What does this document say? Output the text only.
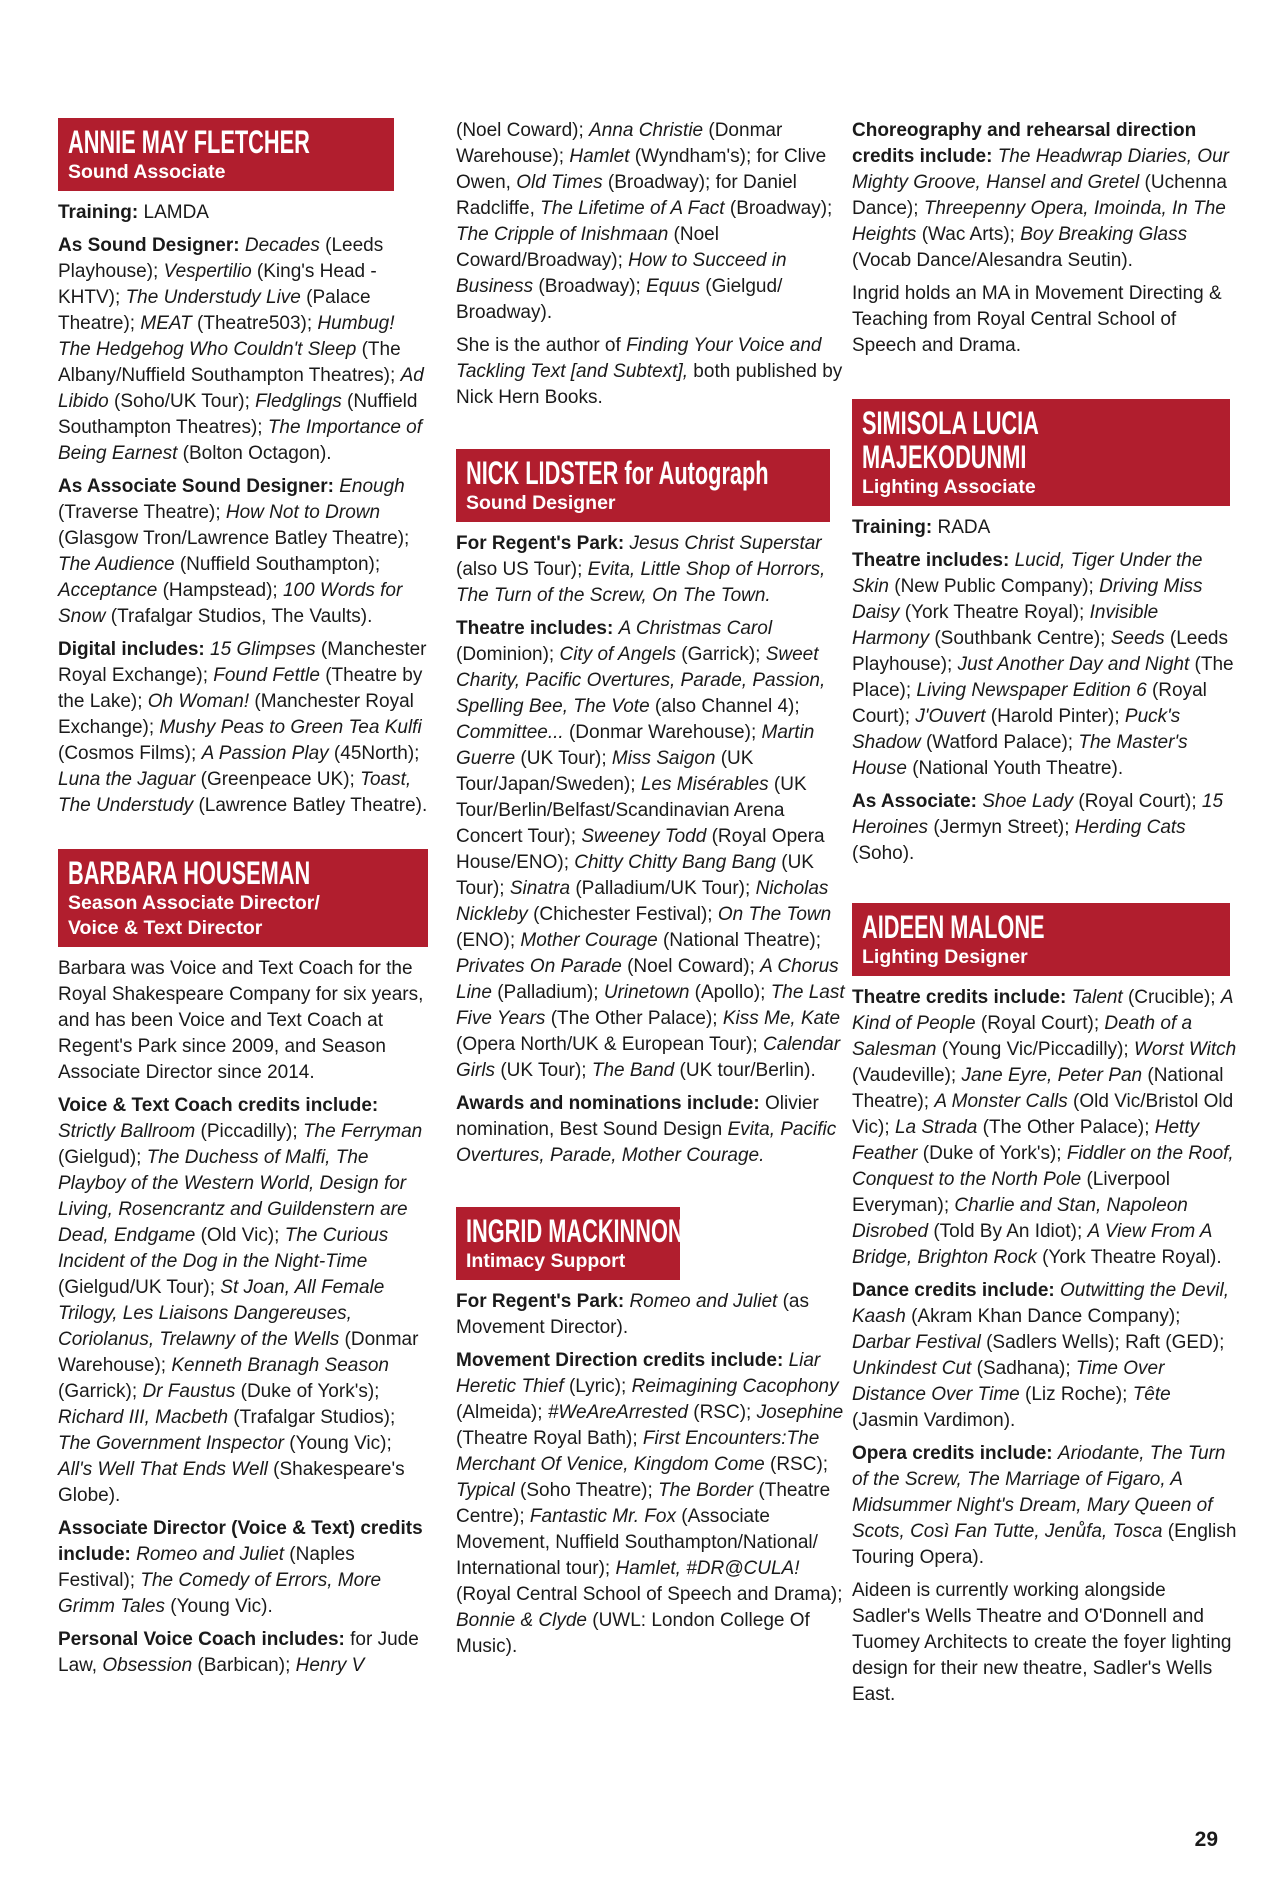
ANNIE MAY FLETCHER
Sound Associate

Training: LAMDA

As Sound Designer: Decades (Leeds Playhouse); Vespertilio (King's Head - KHTV); The Understudy Live (Palace Theatre); MEAT (Theatre503); Humbug! The Hedgehog Who Couldn't Sleep (The Albany/Nuffield Southampton Theatres); Ad Libido (Soho/UK Tour); Fledglings (Nuffield Southampton Theatres); The Importance of Being Earnest (Bolton Octagon).

As Associate Sound Designer: Enough (Traverse Theatre); How Not to Drown (Glasgow Tron/Lawrence Batley Theatre); The Audience (Nuffield Southampton); Acceptance (Hampstead); 100 Words for Snow (Trafalgar Studios, The Vaults).

Digital includes: 15 Glimpses (Manchester Royal Exchange); Found Fettle (Theatre by the Lake); Oh Woman! (Manchester Royal Exchange); Mushy Peas to Green Tea Kulfi (Cosmos Films); A Passion Play (45North); Luna the Jaguar (Greenpeace UK); Toast, The Understudy (Lawrence Batley Theatre).

BARBARA HOUSEMAN
Season Associate Director/
Voice & Text Director

Barbara was Voice and Text Coach for the Royal Shakespeare Company for six years, and has been Voice and Text Coach at Regent's Park since 2009, and Season Associate Director since 2014.

Voice & Text Coach credits include: Strictly Ballroom (Piccadilly); The Ferryman (Gielgud); The Duchess of Malfi, The Playboy of the Western World, Design for Living, Rosencrantz and Guildenstern are Dead, Endgame (Old Vic); The Curious Incident of the Dog in the Night-Time (Gielgud/UK Tour); St Joan, All Female Trilogy, Les Liaisons Dangereuses, Coriolanus, Trelawny of the Wells (Donmar Warehouse); Kenneth Branagh Season (Garrick); Dr Faustus (Duke of York's); Richard III, Macbeth (Trafalgar Studios); The Government Inspector (Young Vic); All's Well That Ends Well (Shakespeare's Globe).

Associate Director (Voice & Text) credits include: Romeo and Juliet (Naples Festival); The Comedy of Errors, More Grimm Tales (Young Vic).

Personal Voice Coach includes: for Jude Law, Obsession (Barbican); Henry V

(Noel Coward); Anna Christie (Donmar Warehouse); Hamlet (Wyndham's); for Clive Owen, Old Times (Broadway); for Daniel Radcliffe, The Lifetime of A Fact (Broadway); The Cripple of Inishmaan (Noel Coward/Broadway); How to Succeed in Business (Broadway); Equus (Gielgud/ Broadway).

She is the author of Finding Your Voice and Tackling Text [and Subtext], both published by Nick Hern Books.

NICK LIDSTER for Autograph
Sound Designer

For Regent's Park: Jesus Christ Superstar (also US Tour); Evita, Little Shop of Horrors, The Turn of the Screw, On The Town.

Theatre includes: A Christmas Carol (Dominion); City of Angels (Garrick); Sweet Charity, Pacific Overtures, Parade, Passion, Spelling Bee, The Vote (also Channel 4); Committee... (Donmar Warehouse); Martin Guerre (UK Tour); Miss Saigon (UK Tour/Japan/Sweden); Les Misérables (UK Tour/Berlin/Belfast/Scandinavian Arena Concert Tour); Sweeney Todd (Royal Opera House/ENO); Chitty Chitty Bang Bang (UK Tour); Sinatra (Palladium/UK Tour); Nicholas Nickleby (Chichester Festival); On The Town (ENO); Mother Courage (National Theatre); Privates On Parade (Noel Coward); A Chorus Line (Palladium); Urinetown (Apollo); The Last Five Years (The Other Palace); Kiss Me, Kate (Opera North/UK & European Tour); Calendar Girls (UK Tour); The Band (UK tour/Berlin).

Awards and nominations include: Olivier nomination, Best Sound Design Evita, Pacific Overtures, Parade, Mother Courage.

INGRID MACKINNON
Intimacy Support

For Regent's Park: Romeo and Juliet (as Movement Director).

Movement Direction credits include: Liar Heretic Thief (Lyric); Reimagining Cacophony (Almeida); #WeAreArrested (RSC); Josephine (Theatre Royal Bath); First Encounters:The Merchant Of Venice, Kingdom Come (RSC); Typical (Soho Theatre); The Border (Theatre Centre); Fantastic Mr. Fox (Associate Movement, Nuffield Southampton/National/ International tour); Hamlet, #DR@CULA! (Royal Central School of Speech and Drama); Bonnie & Clyde (UWL: London College Of Music).

Choreography and rehearsal direction credits include: The Headwrap Diaries, Our Mighty Groove, Hansel and Gretel (Uchenna Dance); Threepenny Opera, Imoinda, In The Heights (Wac Arts); Boy Breaking Glass (Vocab Dance/Alesandra Seutin).

Ingrid holds an MA in Movement Directing & Teaching from Royal Central School of Speech and Drama.

SIMISOLA LUCIA
MAJEKODUNMI
Lighting Associate

Training: RADA

Theatre includes: Lucid, Tiger Under the Skin (New Public Company); Driving Miss Daisy (York Theatre Royal); Invisible Harmony (Southbank Centre); Seeds (Leeds Playhouse); Just Another Day and Night (The Place); Living Newspaper Edition 6 (Royal Court); J'Ouvert (Harold Pinter); Puck's Shadow (Watford Palace); The Master's House (National Youth Theatre).

As Associate: Shoe Lady (Royal Court); 15 Heroines (Jermyn Street); Herding Cats (Soho).

AIDEEN MALONE
Lighting Designer

Theatre credits include: Talent (Crucible); A Kind of People (Royal Court); Death of a Salesman (Young Vic/Piccadilly); Worst Witch (Vaudeville); Jane Eyre, Peter Pan (National Theatre); A Monster Calls (Old Vic/Bristol Old Vic); La Strada (The Other Palace); Hetty Feather (Duke of York's); Fiddler on the Roof, Conquest to the North Pole (Liverpool Everyman); Charlie and Stan, Napoleon Disrobed (Told By An Idiot); A View From A Bridge, Brighton Rock (York Theatre Royal).

Dance credits include: Outwitting the Devil, Kaash (Akram Khan Dance Company); Darbar Festival (Sadlers Wells); Raft (GED); Unkindest Cut (Sadhana); Time Over Distance Over Time (Liz Roche); Tête (Jasmin Vardimon).

Opera credits include: Ariodante, The Turn of the Screw, The Marriage of Figaro, A Midsummer Night's Dream, Mary Queen of Scots, Così Fan Tutte, Jenůfa, Tosca (English Touring Opera).

Aideen is currently working alongside Sadler's Wells Theatre and O'Donnell and Tuomey Architects to create the foyer lighting design for their new theatre, Sadler's Wells East.

29
